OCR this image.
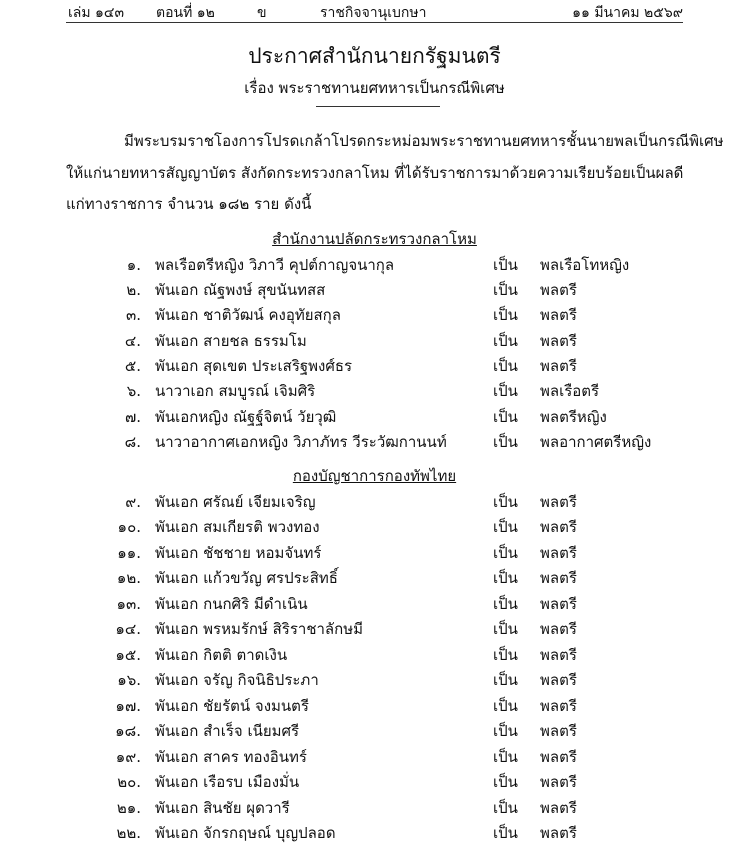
เล่ม ๑๔๓ ตอนที่ ๑๒	ข	ราชกิจจานุเบกษา	๑๑ มีนาคม ๒๕๖๙
ประกาศสำนักนายกรัฐมนตรี
เรื่อง พระราชทานยศทหารเป็นกรณีพิเศษ
มีพระบรมราชโองการโปรดเกล้าโปรดกระหม่อมพระราชทานยศทหารชั้นนายพลเป็นกรณีพิเศษ
ให้แก่นายทหารสัญญาบัตร สังกัดกระทรวงกลาโหม ที่ได้รับราชการมาด้วยความเรียบร้อยเป็นผลดี
แก่ทางราชการ จำนวน ๑๘๒ ราย ดังนี้
สำนักงานปลัดกระทรวงกลาโหม
๑. พลเรือตรีหญิง วิภาวี คุปต์กาญจนากุล	เป็น พลเรือโทหญิง
๒. พันเอก ณัฐพงษ์ สุขนันทสส	เป็น พลตรี
๓. พันเอก ชาติวัฒน์ คงอุทัยสกุล	เป็น พลตรี
๔. พันเอก สายชล ธรรมโม	เป็น พลตรี
๕. พันเอก สุดเขต ประเสริฐพงศ์ธร	เป็น พลตรี
๖. นาวาเอก สมบูรณ์ เจิมศิริ	เป็น พลเรือตรี
๗. พันเอกหญิง ณัฐฐ์จิตน์ วัยวุฒิ	เป็น พลตรีหญิง
๘. นาวาอากาศเอกหญิง วิภาภัทร วีระวัฒกานนท์	เป็น พลอากาศตรีหญิง
กองบัญชาการกองทัพไทย
๙. พันเอก ศรัณย์ เจียมเจริญ	เป็น พลตรี
๑๐. พันเอก สมเกียรติ พวงทอง	เป็น พลตรี
๑๑. พันเอก ชัชชาย หอมจันทร์	เป็น พลตรี
๑๒. พันเอก แก้วขวัญ ศรประสิทธิ์	เป็น พลตรี
๑๓. พันเอก กนกศิริ มีดำเนิน	เป็น พลตรี
๑๔. พันเอก พรหมรักษ์ สิริราชาลักษมี	เป็น พลตรี
๑๕. พันเอก กิตติ ตาดเงิน	เป็น พลตรี
๑๖. พันเอก จรัญ กิจนิธิประภา	เป็น พลตรี
๑๗. พันเอก ชัยรัตน์ จงมนตรี	เป็น พลตรี
๑๘. พันเอก สำเร็จ เนียมศรี	เป็น พลตรี
๑๙. พันเอก สาคร ทองอินทร์	เป็น พลตรี
๒๐. พันเอก เรือรบ เมืองมั่น	เป็น พลตรี
๒๑. พันเอก สินชัย ผุดวารี	เป็น พลตรี
๒๒. พันเอก จักรกฤษณ์ บุญปลอด	เป็น พลตรี
